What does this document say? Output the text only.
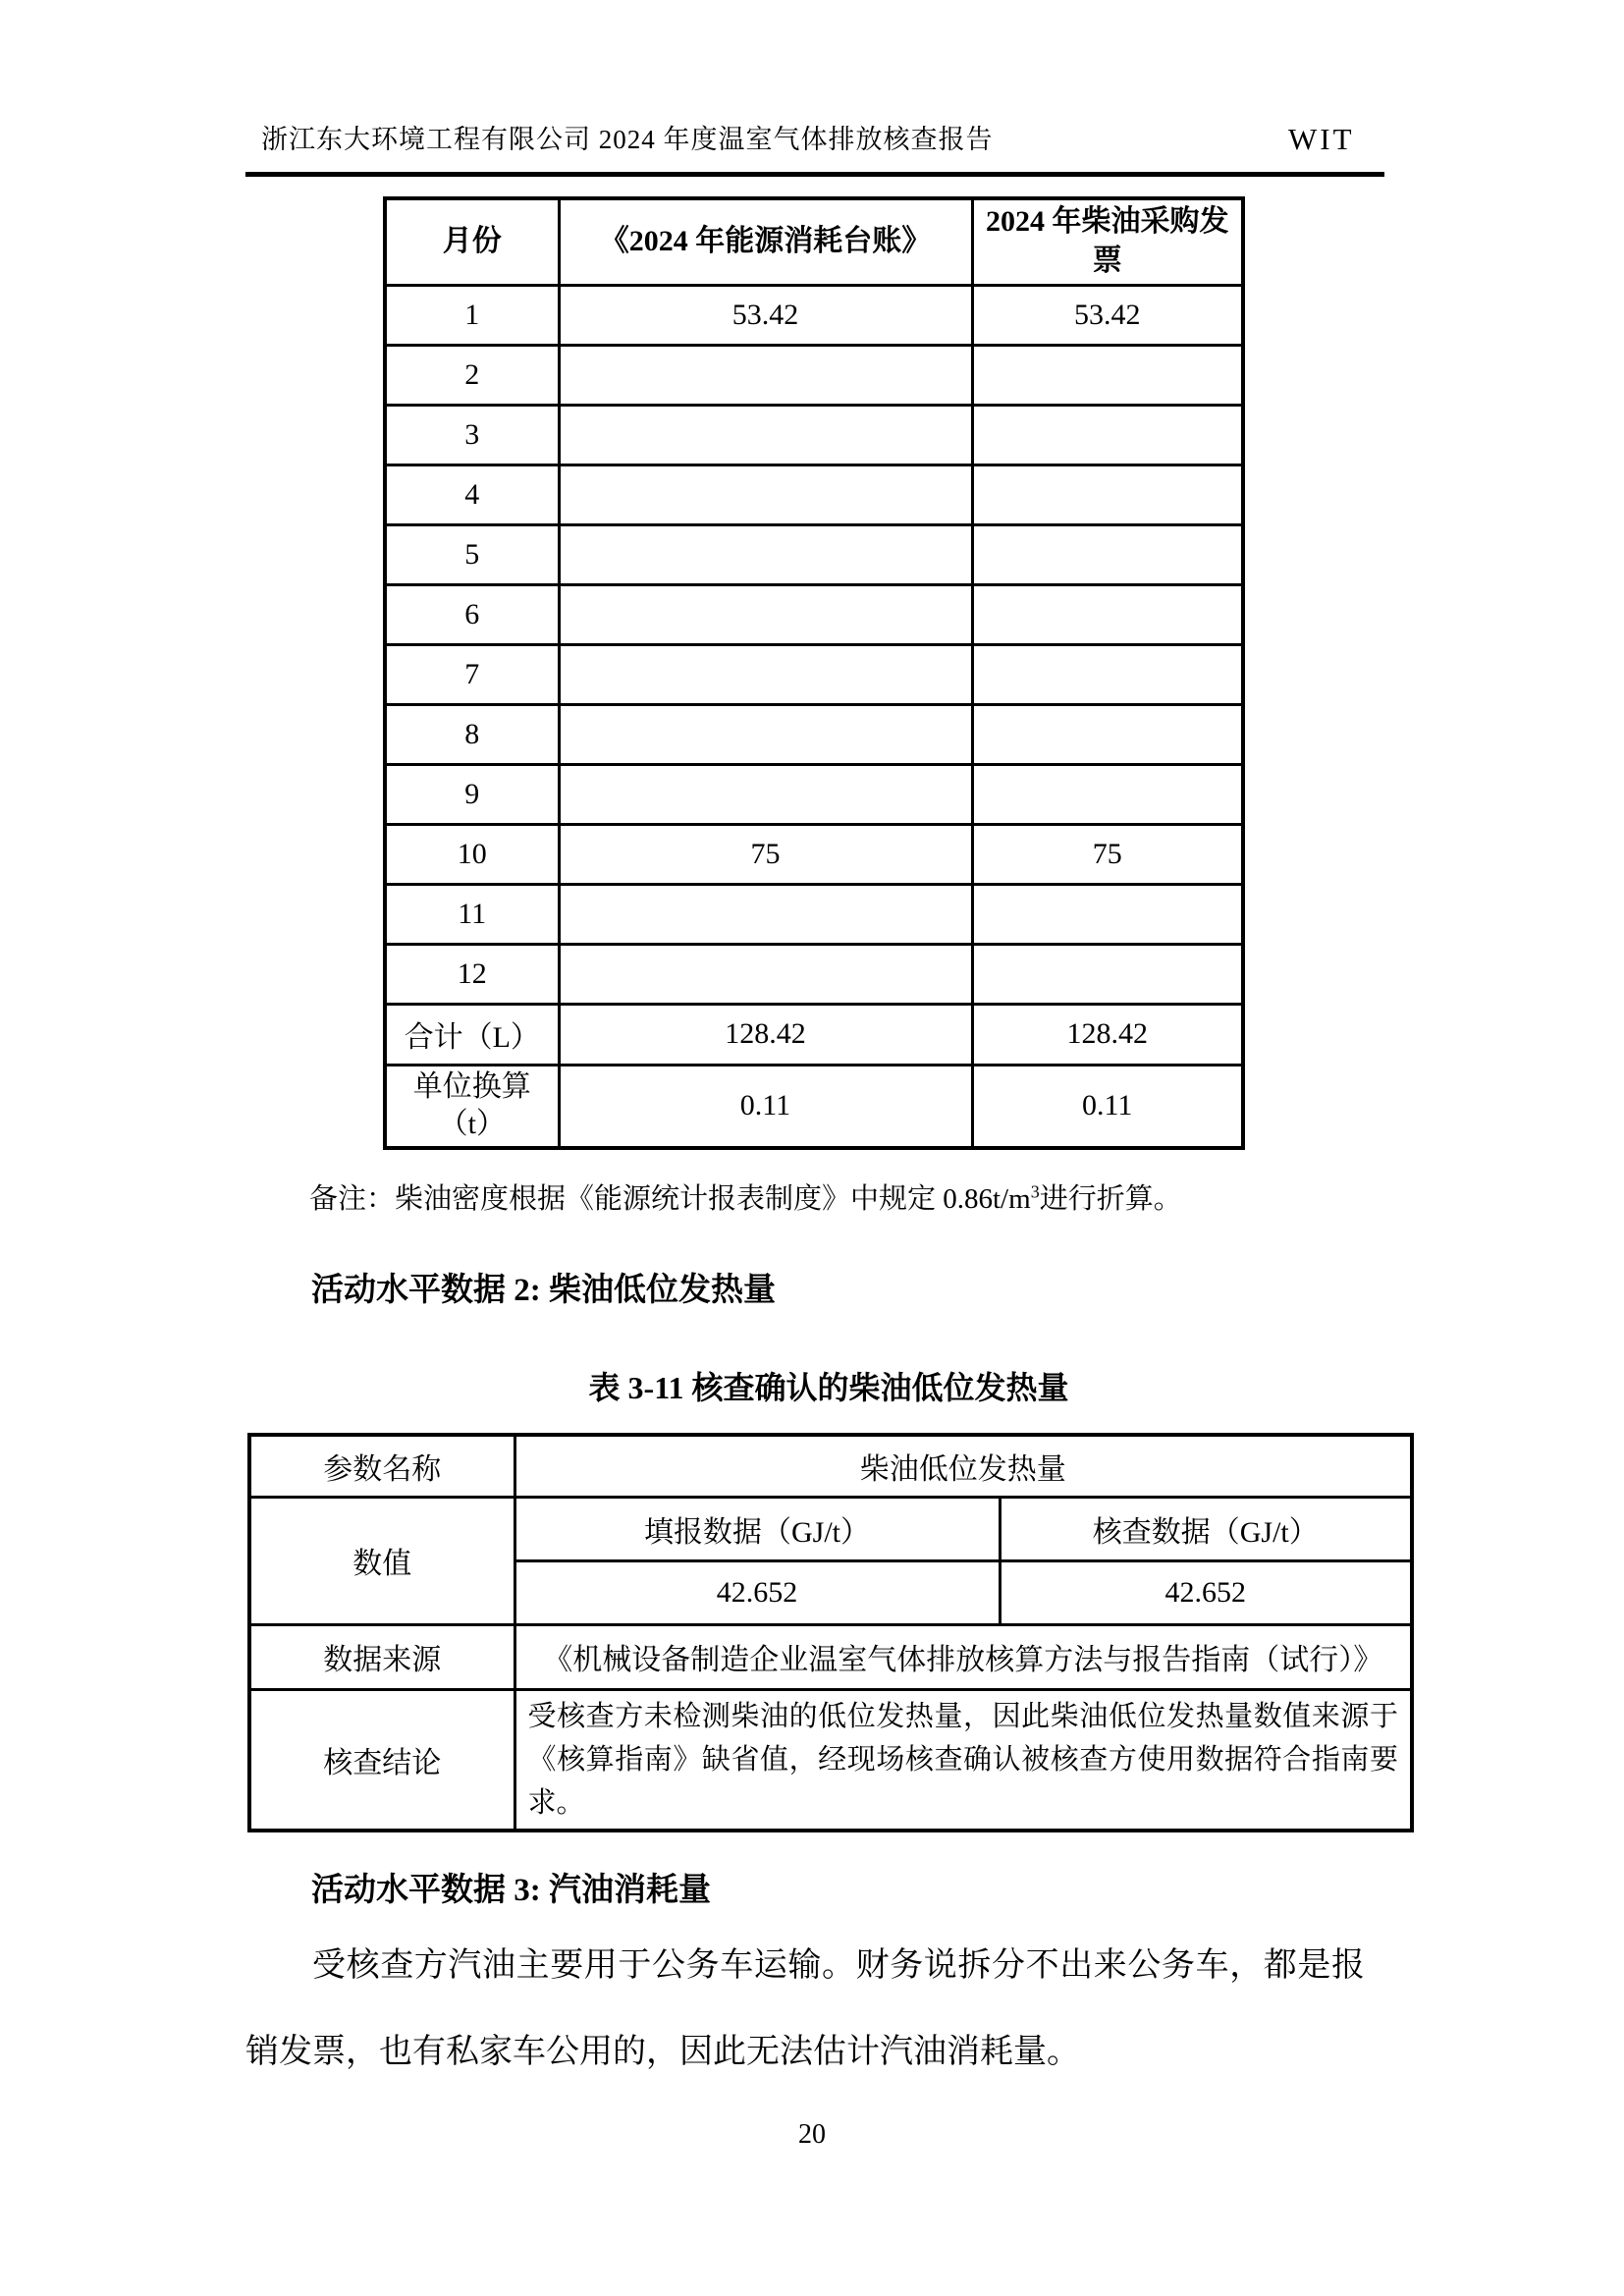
浙江东大环境工程有限公司 2024 年度温室气体排放核查报告	WIT
月份	《2024 年能源消耗台账》	2024 年柴油采购发票
1	53.42	53.42
2		
3		
4		
5		
6		
7		
8		
9		
10	75	75
11		
12		
合计（L）	128.42	128.42
单位换算（t）	0.11	0.11
备注：柴油密度根据《能源统计报表制度》中规定 $0.86t/m^3$进行折算。
活动水平数据 2: 柴油低位发热量
表 3-11 核查确认的柴油低位发热量
参数名称	柴油低位发热量	
数值	填报数据（GJ/t）	核查数据（GJ/t）
	42.652	42.652
数据来源	《机械设备制造企业温室气体排放核算方法与报告指南（试行）》	
核查结论	受核查方未检测柴油的低位发热量，因此柴油低位发热量数值来源于《核算指南》缺省值，经现场核查确认被核查方使用数据符合指南要求。	
活动水平数据 3: 汽油消耗量
受核查方汽油主要用于公务车运输。财务说拆分不出来公务车，都是报销发票，也有私家车公用的，因此无法估计汽油消耗量。
20
